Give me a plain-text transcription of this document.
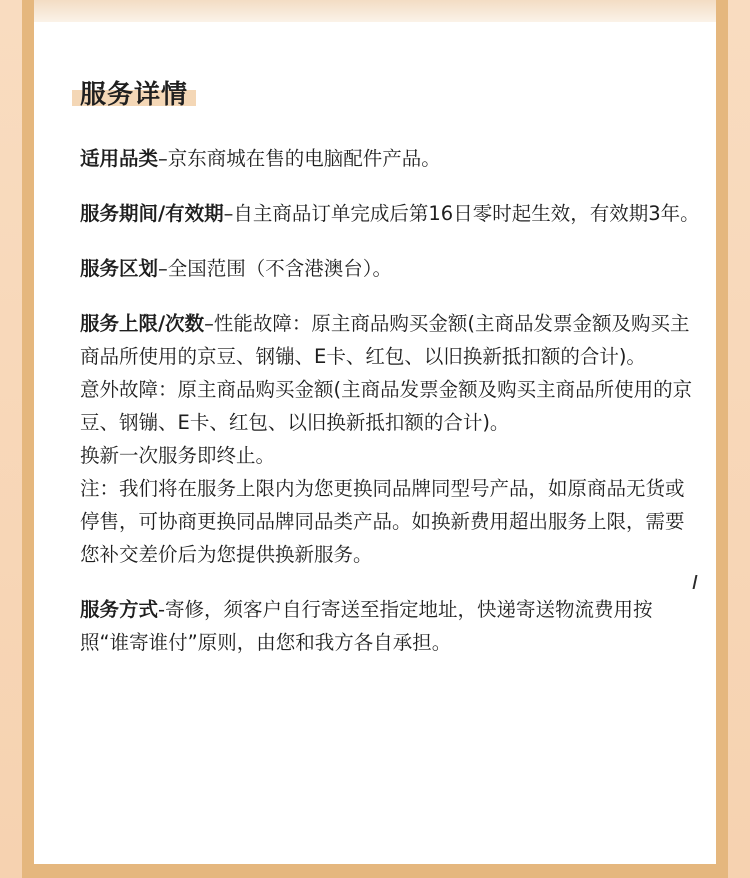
服务详情

适用品类–京东商城在售的电脑配件产品。

服务期间/有效期–自主商品订单完成后第16日零时起生效，有效期3年。

服务区划–全国范围（不含港澳台）。

服务上限/次数–性能故障：原主商品购买金额(主商品发票金额及购买主商品所使用的京豆、钢镚、E卡、红包、以旧换新抵扣额的合计)。

意外故障：原主商品购买金额(主商品发票金额及购买主商品所使用的京豆、钢镚、E卡、红包、以旧换新抵扣额的合计)。

换新一次服务即终止。

注：我们将在服务上限内为您更换同品牌同型号产品，如原商品无货或停售，可协商更换同品牌同品类产品。如换新费用超出服务上限，需要您补交差价后为您提供换新服务。

服务方式-寄修，须客户自行寄送至指定地址，快递寄送物流费用按照“谁寄谁付”原则，由您和我方各自承担。
